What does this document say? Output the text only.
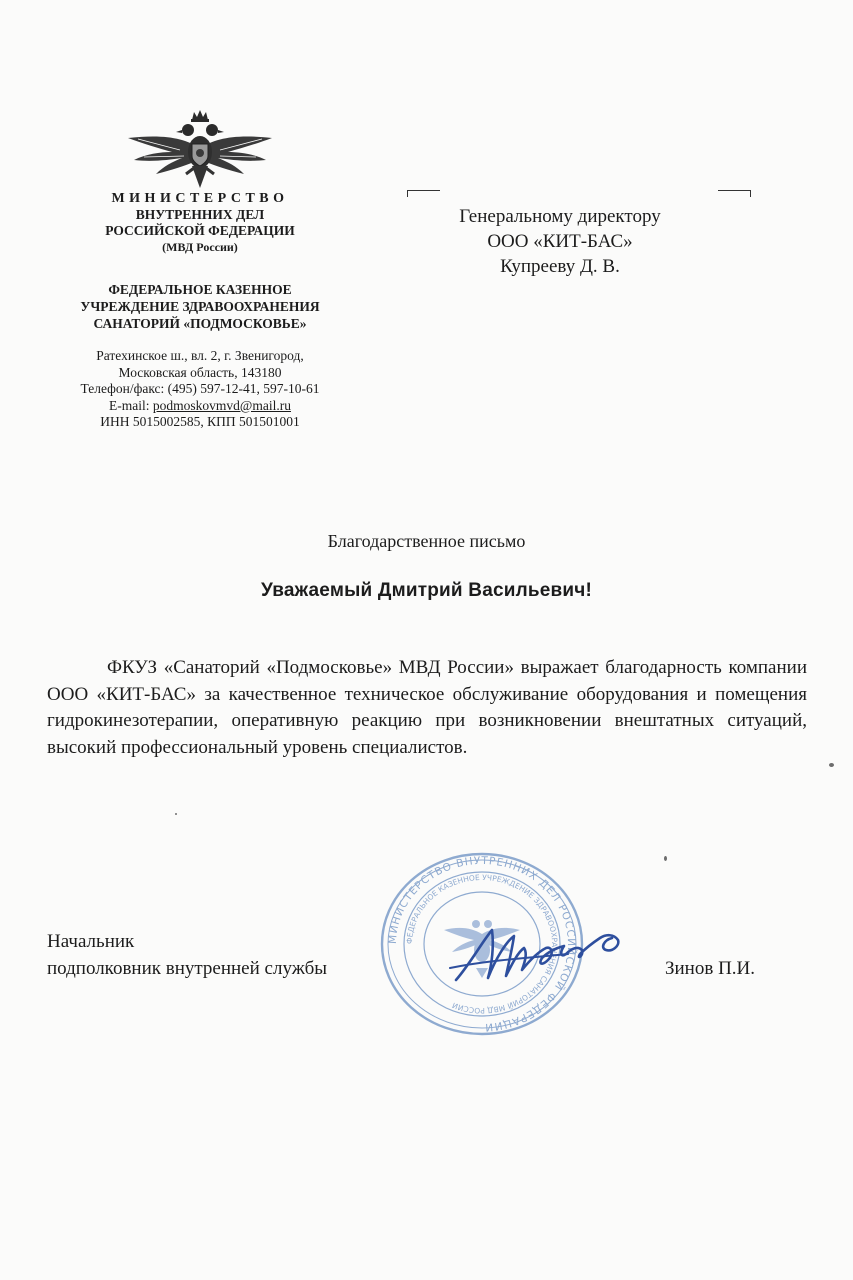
МИНИСТЕРСТВО
ВНУТРЕННИХ ДЕЛ
РОССИЙСКОЙ ФЕДЕРАЦИИ
(МВД России)
ФЕДЕРАЛЬНОЕ КАЗЕННОЕ
УЧРЕЖДЕНИЕ ЗДРАВООХРАНЕНИЯ
САНАТОРИЙ «ПОДМОСКОВЬЕ»
Ратехинское ш., вл. 2, г. Звенигород,
Московская область, 143180
Телефон/факс: (495) 597-12-41, 597-10-61
E-mail: podmoskovmvd@mail.ru
ИНН 5015002585, КПП 501501001
Генеральному директору
ООО «КИТ-БАС»
Купрееву Д. В.
Благодарственное письмо
Уважаемый Дмитрий Васильевич!
ФКУЗ «Санаторий «Подмосковье» МВД России» выражает благодарность компании ООО «КИТ-БАС» за качественное техническое обслуживание оборудования и помещения гидрокинезотерапии, оперативную реакцию при возникновении внештатных ситуаций, высокий профессиональный уровень специалистов.
МИНИСТЕРСТВО ВНУТРЕННИХ ДЕЛ РОССИЙСКОЙ ФЕДЕРАЦИИ
ФЕДЕРАЛЬНОЕ КАЗЕННОЕ УЧРЕЖДЕНИЕ ЗДРАВООХРАНЕНИЯ САНАТОРИЙ МВД РОССИИ
Начальник
подполковник внутренней службы	Зинов П.И.
